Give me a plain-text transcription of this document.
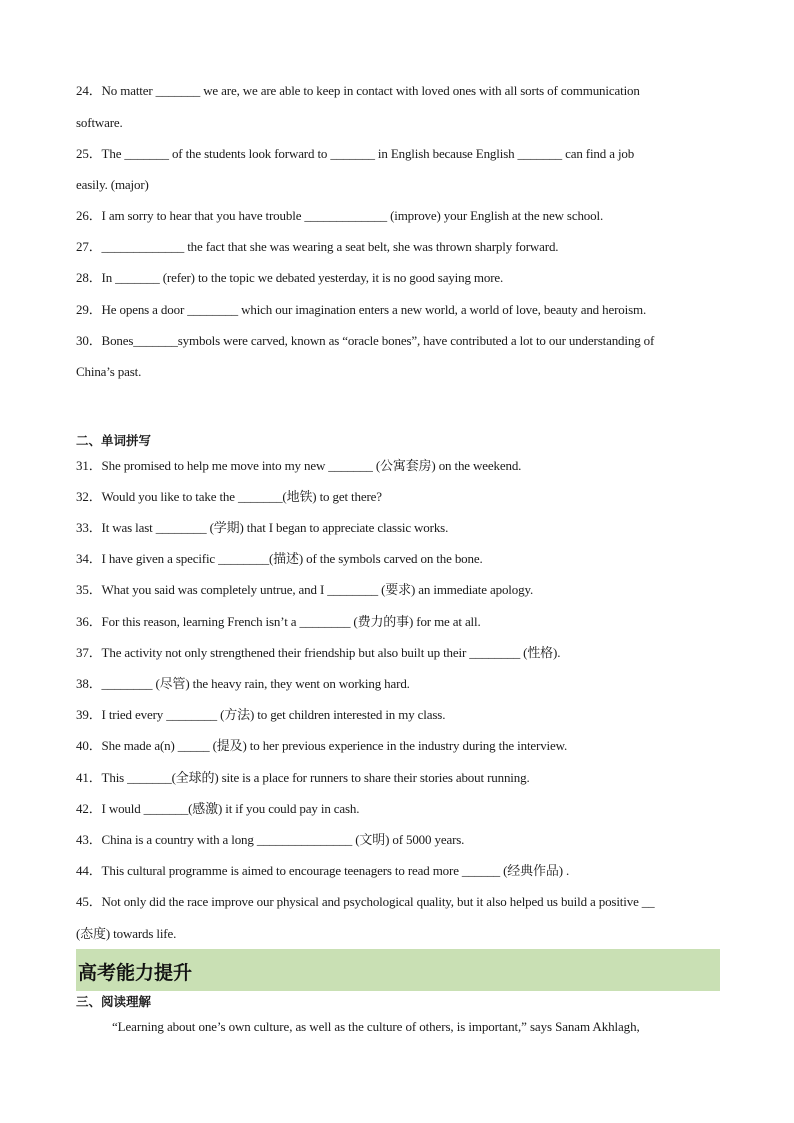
24．No matter _______ we are, we are able to keep in contact with loved ones with all sorts of communication
software.
25．The _______ of the students look forward to _______ in English because English _______ can find a job
easily. (major)
26．I am sorry to hear that you have trouble _____________ (improve) your English at the new school.
27．_____________ the fact that she was wearing a seat belt, she was thrown sharply forward.
28．In _______ (refer) to the topic we debated yesterday, it is no good saying more.
29．He opens a door ________ which our imagination enters a new world, a world of love, beauty and heroism.
30．Bones_______symbols were carved, known as “oracle bones”, have contributed a lot to our understanding of
China’s past.
二、单词拼写
31．She promised to help me move into my new _______ (公寓套房) on the weekend.
32．Would you like to take the _______(地铁) to get there?
33．It was last ________ (学期) that I began to appreciate classic works.
34．I have given a specific ________(描述) of the symbols carved on the bone.
35．What you said was completely untrue, and I ________ (要求) an immediate apology.
36．For this reason, learning French isn’t a ________ (费力的事) for me at all.
37．The activity not only strengthened their friendship but also built up their ________ (性格).
38．________ (尽管) the heavy rain, they went on working hard.
39．I tried every ________ (方法) to get children interested in my class.
40．She made a(n) _____ (提及) to her previous experience in the industry during the interview.
41．This _______(全球的) site is a place for runners to share their stories about running.
42．I would _______(感激) it if you could pay in cash.
43．China is a country with a long _______________ (文明) of 5000 years.
44．This cultural programme is aimed to encourage teenagers to read more ______ (经典作品) .
45．Not only did the race improve our physical and psychological quality, but it also helped us build a positive __
(态度) towards life.
高考能力提升
三、阅读理解
“Learning about one’s own culture, as well as the culture of others, is important,” says Sanam Akhlagh,
